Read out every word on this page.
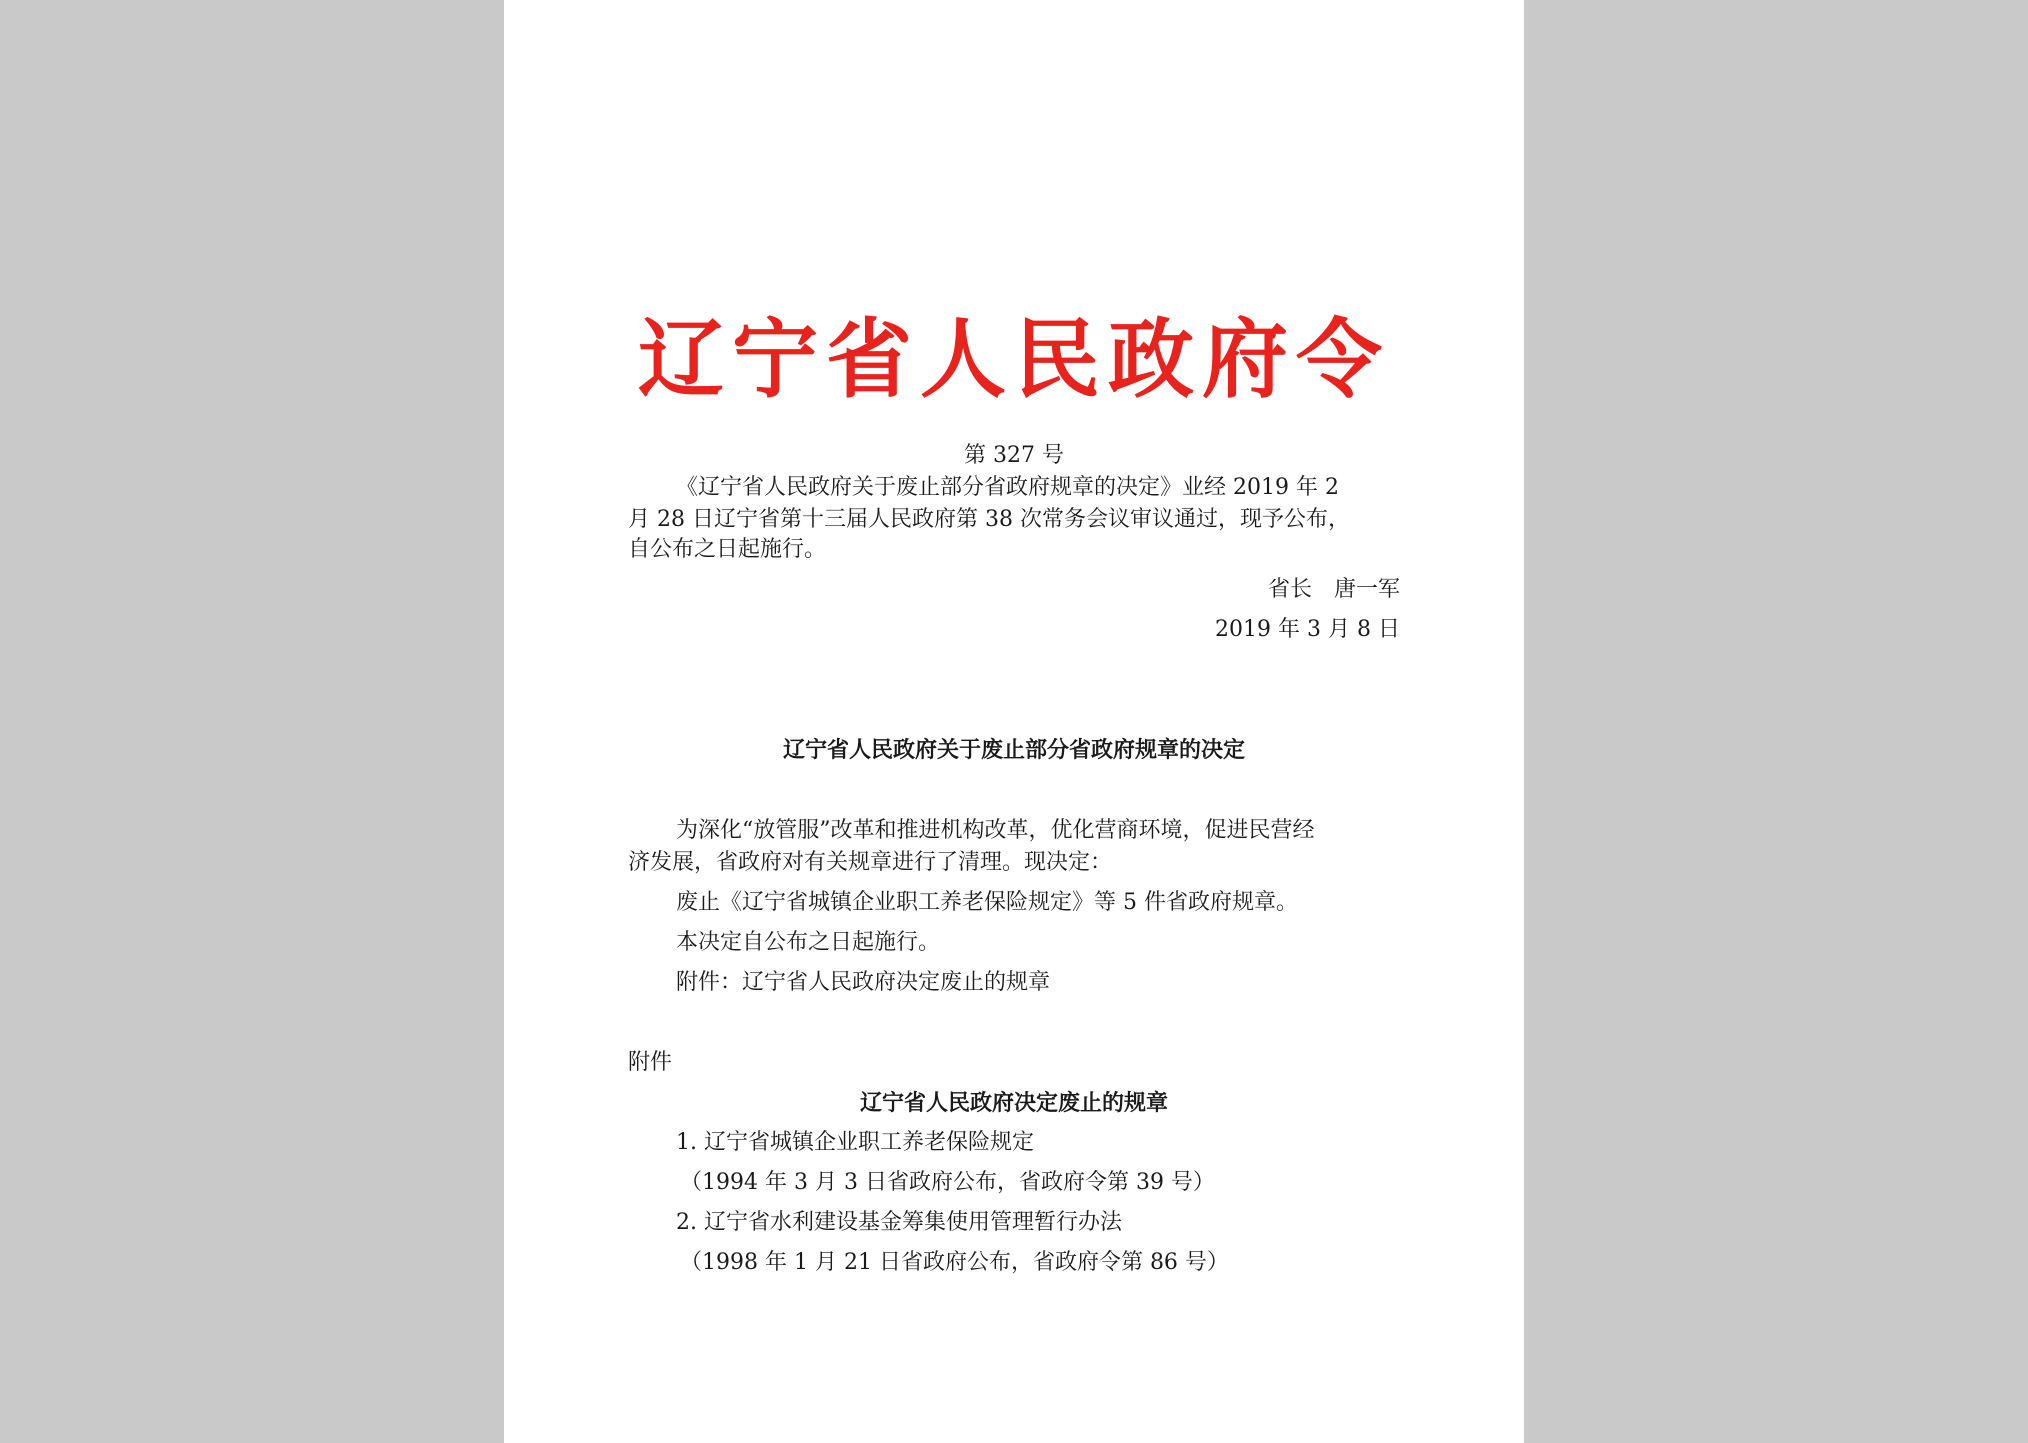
辽宁省人民政府令
第 327 号
《辽宁省人民政府关于废止部分省政府规章的决定》业经 2019 年 2
月 28 日辽宁省第十三届人民政府第 38 次常务会议审议通过，现予公布，
自公布之日起施行。
省长　唐一军
2019 年 3 月 8 日
辽宁省人民政府关于废止部分省政府规章的决定
为深化“放管服”改革和推进机构改革，优化营商环境，促进民营经
济发展，省政府对有关规章进行了清理。现决定：
废止《辽宁省城镇企业职工养老保险规定》等 5 件省政府规章。
本决定自公布之日起施行。
附件：辽宁省人民政府决定废止的规章
附件
辽宁省人民政府决定废止的规章
1. 辽宁省城镇企业职工养老保险规定
（1994 年 3 月 3 日省政府公布，省政府令第 39 号）
2. 辽宁省水利建设基金筹集使用管理暂行办法
（1998 年 1 月 21 日省政府公布，省政府令第 86 号）
